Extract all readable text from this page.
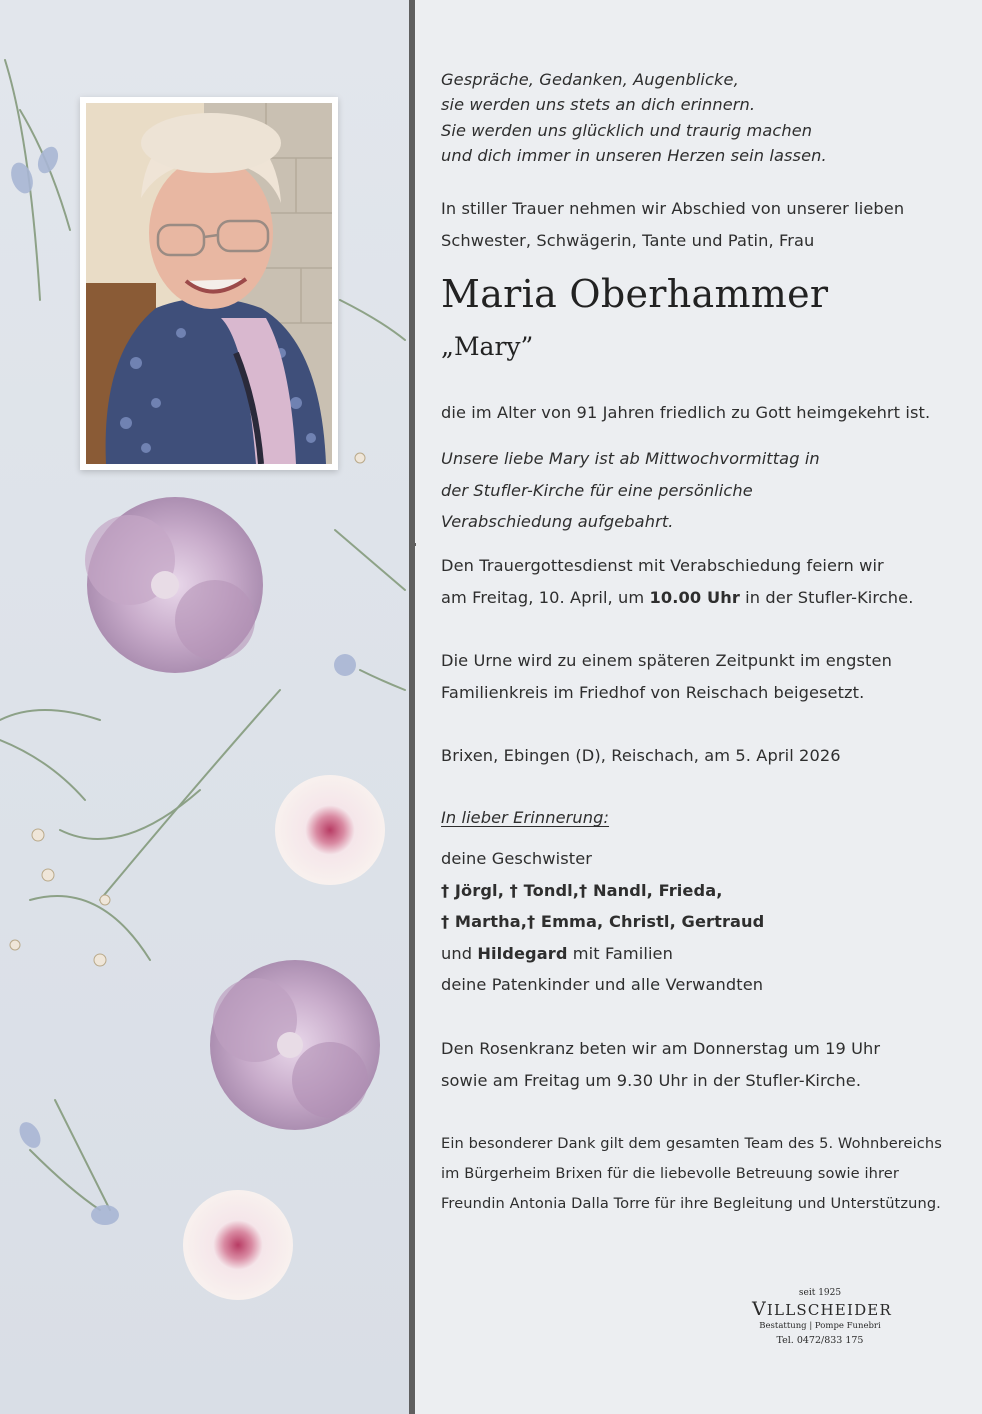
Gespräche, Gedanken, Augenblicke,
sie werden uns stets an dich erinnern.
Sie werden uns glücklich und traurig machen
und dich immer in unseren Herzen sein lassen.
In stiller Trauer nehmen wir Abschied von unserer lieben
Schwester, Schwägerin, Tante und Patin, Frau
Maria Oberhammer
„Mary”
die im Alter von 91 Jahren friedlich zu Gott heimgekehrt ist.
Unsere liebe Mary ist ab Mittwochvormittag in
der Stufler-Kirche für eine persönliche
Verabschiedung aufgebahrt.
Den Trauergottesdienst mit Verabschiedung feiern wir
am Freitag, 10. April, um 10.00 Uhr in der Stufler-Kirche.
Die Urne wird zu einem späteren Zeitpunkt im engsten
Familienkreis im Friedhof von Reischach beigesetzt.
Brixen, Ebingen (D), Reischach, am 5. April 2026
In lieber Erinnerung:
deine Geschwister
† Jörgl, † Tondl,† Nandl, Frieda,
† Martha,† Emma, Christl, Gertraud
und Hildegard mit Familien
deine Patenkinder und alle Verwandten
Den Rosenkranz beten wir am Donnerstag um 19 Uhr
sowie am Freitag um 9.30 Uhr in der Stufler-Kirche.
Ein besonderer Dank gilt dem gesamten Team des 5. Wohnbereichs
im Bürgerheim Brixen für die liebevolle Betreuung sowie ihrer
Freundin Antonia Dalla Torre für ihre Begleitung und Unterstützung.
seit 1925
VILLSCHEIDER
Bestattung | Pompe Funebri
Tel. 0472/833 175
